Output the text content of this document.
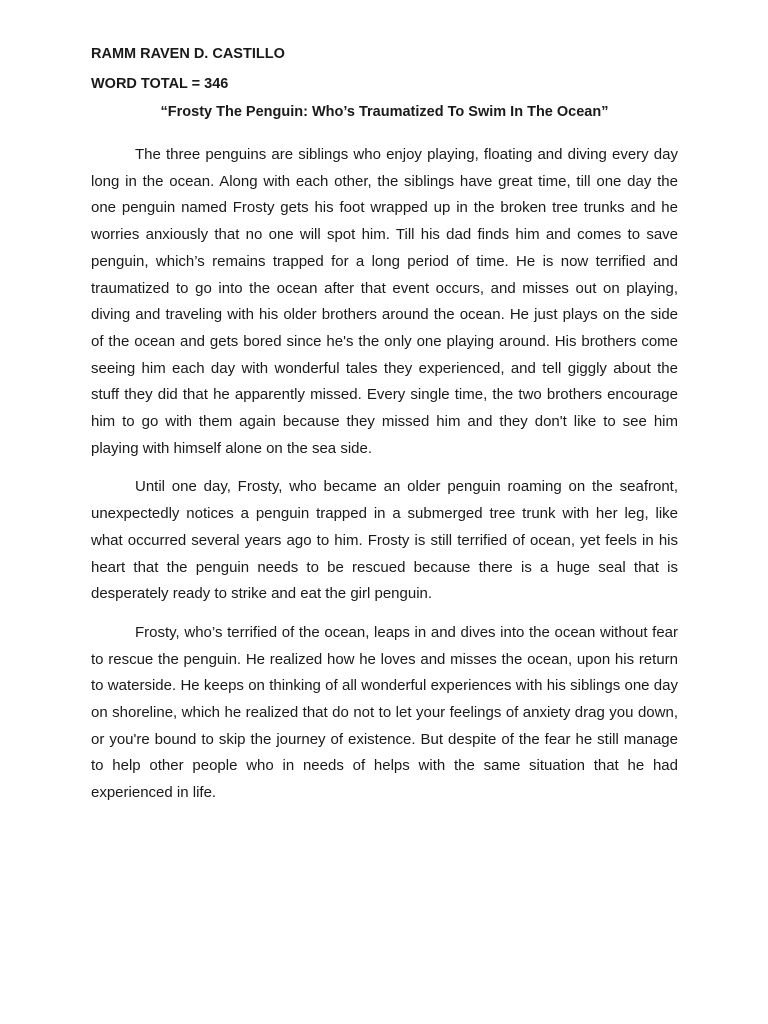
RAMM RAVEN D. CASTILLO

WORD TOTAL = 346

“Frosty The Penguin: Who’s Traumatized To Swim In The Ocean”

The three penguins are siblings who enjoy playing, floating and diving every day long in the ocean. Along with each other, the siblings have great time, till one day the one penguin named Frosty gets his foot wrapped up in the broken tree trunks and he worries anxiously that no one will spot him. Till his dad finds him and comes to save penguin, which’s remains trapped for a long period of time. He is now terrified and traumatized to go into the ocean after that event occurs, and misses out on playing, diving and traveling with his older brothers around the ocean. He just plays on the side of the ocean and gets bored since he's the only one playing around. His brothers come seeing him each day with wonderful tales they experienced, and tell giggly about the stuff they did that he apparently missed. Every single time, the two brothers encourage him to go with them again because they missed him and they don't like to see him playing with himself alone on the sea side.

Until one day, Frosty, who became an older penguin roaming on the seafront, unexpectedly notices a penguin trapped in a submerged tree trunk with her leg, like what occurred several years ago to him. Frosty is still terrified of ocean, yet feels in his heart that the penguin needs to be rescued because there is a huge seal that is desperately ready to strike and eat the girl penguin.

Frosty, who’s terrified of the ocean, leaps in and dives into the ocean without fear to rescue the penguin. He realized how he loves and misses the ocean, upon his return to waterside. He keeps on thinking of all wonderful experiences with his siblings one day on shoreline, which he realized that do not to let your feelings of anxiety drag you down, or you're bound to skip the journey of existence. But despite of the fear he still manage to help other people who in needs of helps with the same situation that he had experienced in life.
